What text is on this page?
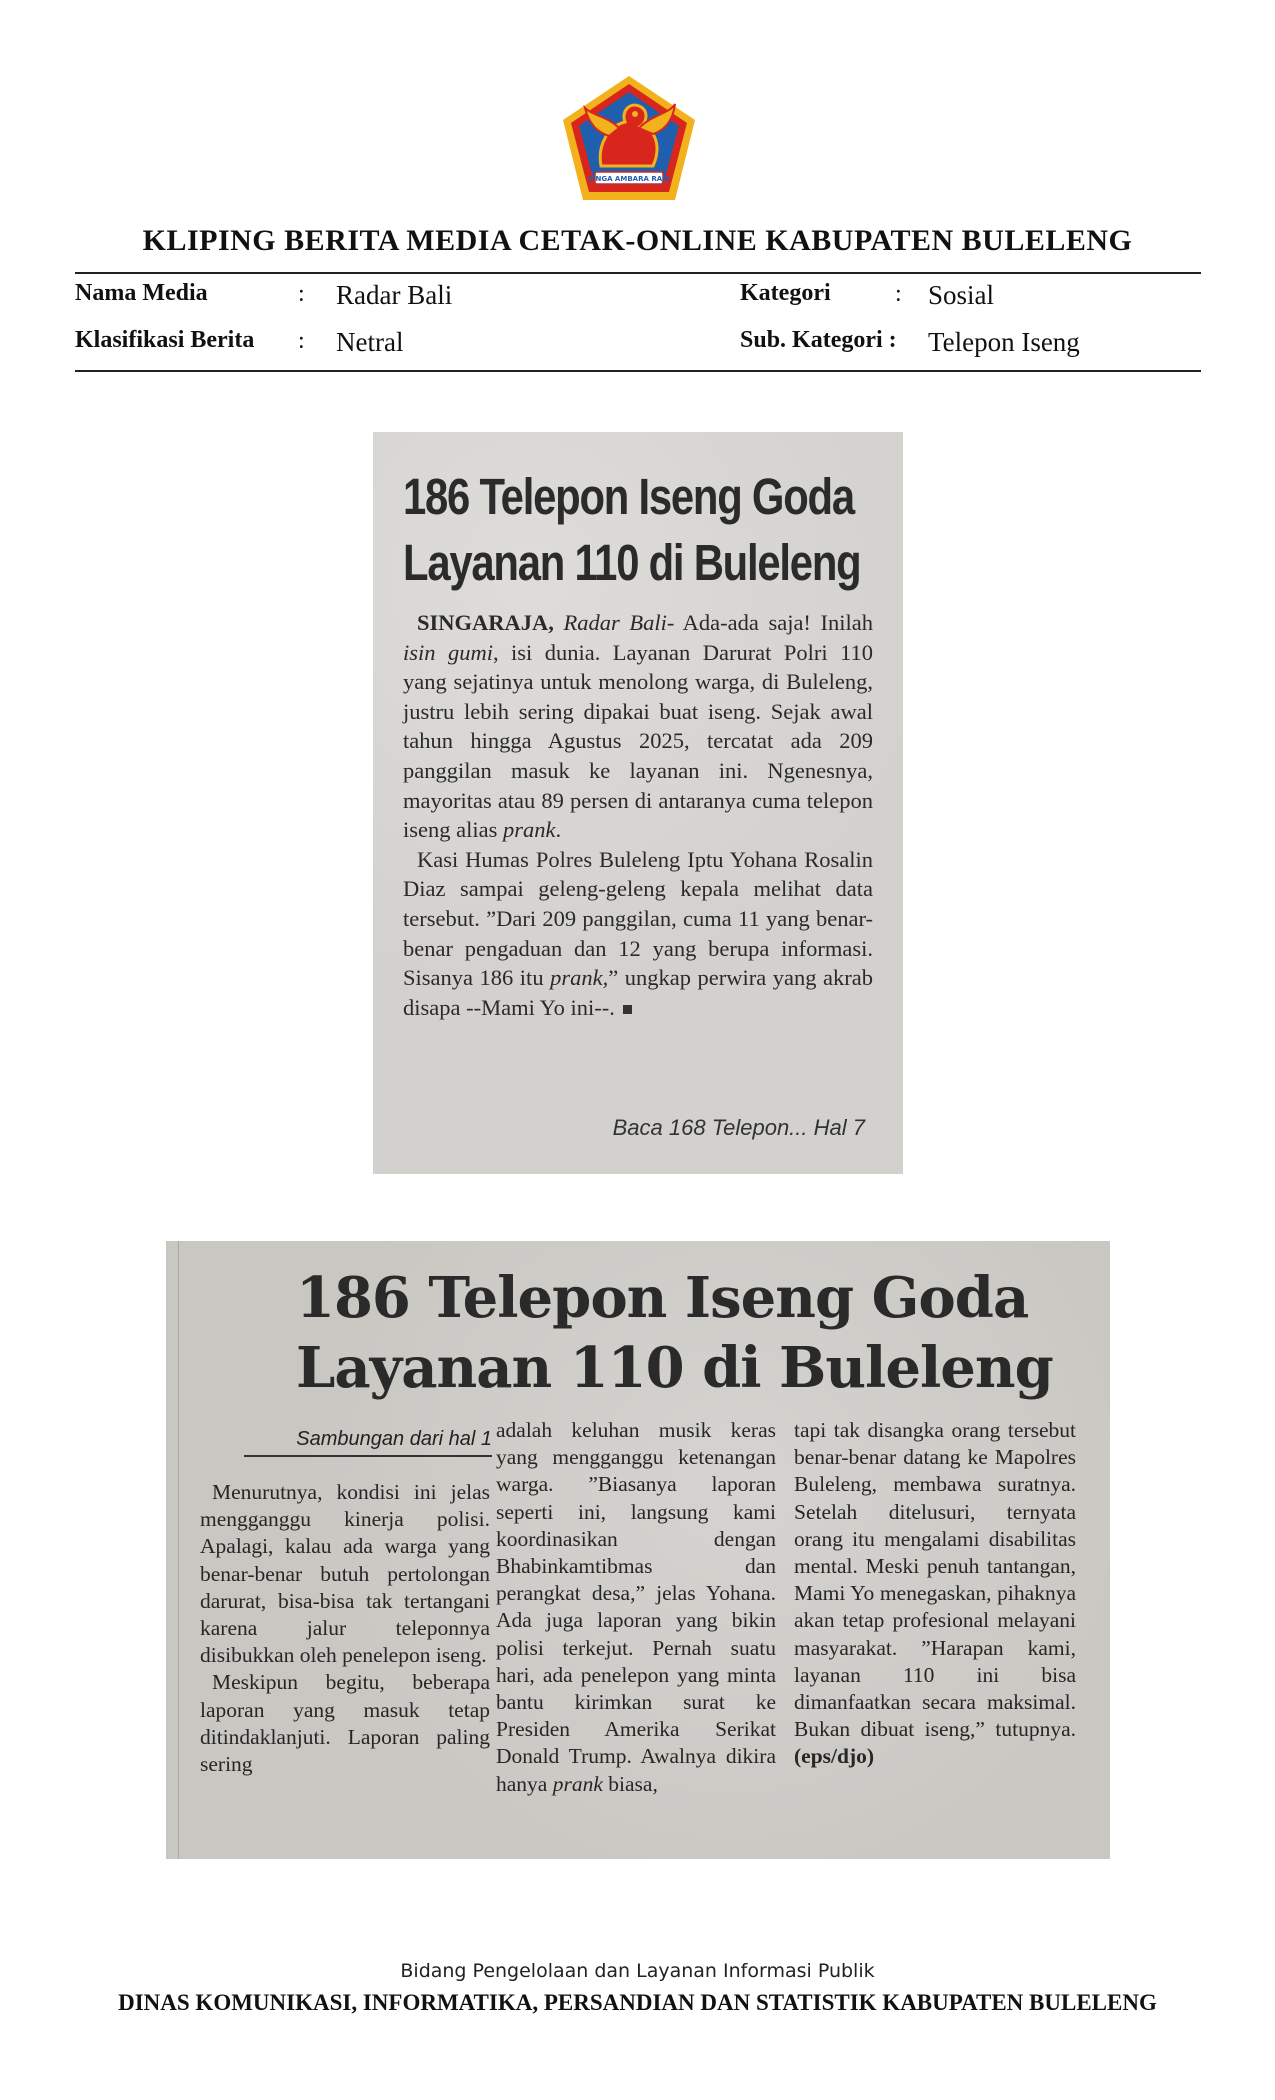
SINGA AMBARA RAJA
KLIPING BERITA MEDIA CETAK-ONLINE KABUPATEN BULELENG
Nama Media	: Radar Bali	Kategori	: Sosial
Klasifikasi Berita : Netral	Sub. Kategori : Telepon Iseng
186 Telepon Iseng Goda
Layanan 110 di Buleleng

SINGARAJA, Radar Bali- Ada-ada saja! Inilah isin gumi, isi dunia. Layanan Darurat Polri 110 yang sejatinya untuk menolong warga, di Buleleng, justru lebih sering dipakai buat iseng. Sejak awal tahun hingga Agustus 2025, tercatat ada 209 panggilan masuk ke layanan ini. Ngenesnya, mayoritas atau 89 persen di antaranya cuma telepon iseng alias prank.

Kasi Humas Polres Buleleng Iptu Yohana Rosalin Diaz sampai geleng-geleng kepala melihat data tersebut. ”Dari 209 panggilan, cuma 11 yang benar-benar pengaduan dan 12 yang berupa informasi. Sisanya 186 itu prank,” ungkap perwira yang akrab disapa --Mami Yo ini--.

Baca 168 Telepon... Hal 7
186 Telepon Iseng Goda
Layanan 110 di Buleleng
Sambungan dari hal 1

Menurutnya, kondisi ini jelas mengganggu kinerja polisi. Apalagi, kalau ada warga yang benar-benar butuh pertolongan darurat, bisa-bisa tak tertangani karena jalur teleponnya disibukkan oleh penelepon iseng.

Meskipun begitu, beberapa laporan yang masuk tetap ditindaklanjuti. Laporan paling sering

adalah keluhan musik keras yang mengganggu ketenangan warga. ”Biasanya laporan seperti ini, langsung kami koordinasikan dengan Bhabinkamtibmas dan perangkat desa,” jelas Yohana. Ada juga laporan yang bikin polisi terkejut. Pernah suatu hari, ada penelepon yang minta bantu kirimkan surat ke Presiden Amerika Serikat Donald Trump. Awalnya dikira hanya prank biasa,

tapi tak disangka orang tersebut benar-benar datang ke Mapolres Buleleng, membawa suratnya. Setelah ditelusuri, ternyata orang itu mengalami disabilitas mental. Meski penuh tantangan, Mami Yo menegaskan, pihaknya akan tetap profesional melayani masyarakat. ”Harapan kami, layanan 110 ini bisa dimanfaatkan secara maksimal. Bukan dibuat iseng,” tutupnya. (eps/djo)

Bidang Pengelolaan dan Layanan Informasi Publik
DINAS KOMUNIKASI, INFORMATIKA, PERSANDIAN DAN STATISTIK KABUPATEN BULELENG
